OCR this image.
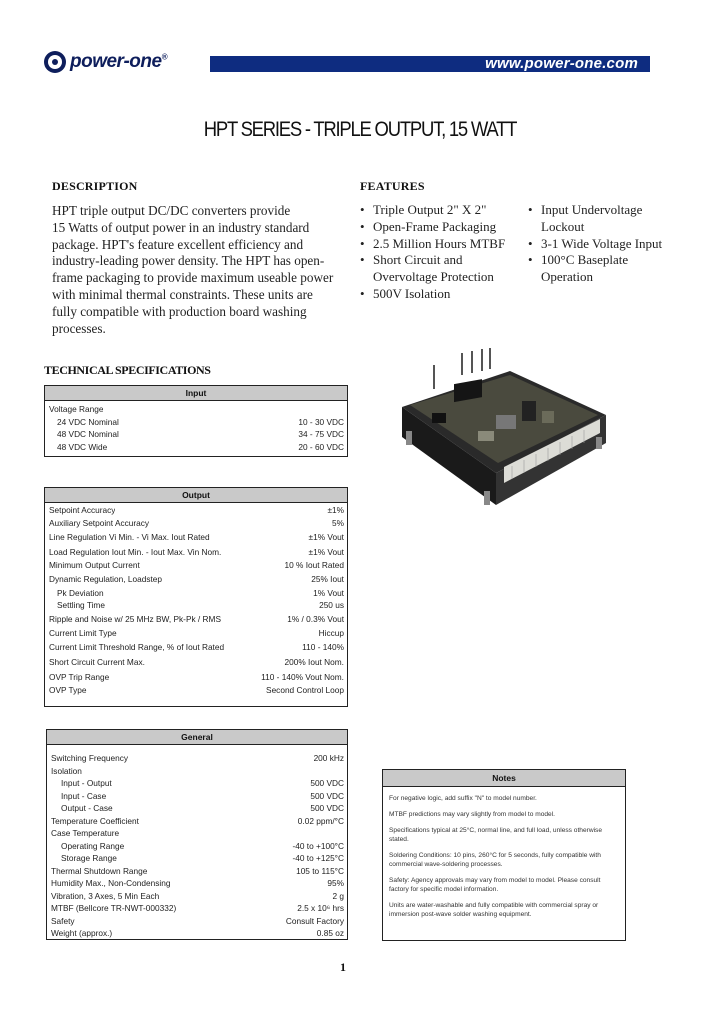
power-one®	www.power-one.com
HPT SERIES - TRIPLE OUTPUT, 15 WATT
DESCRIPTION
HPT triple output DC/DC converters provide
15 Watts of output power in an industry standard
package. HPT's feature excellent efficiency and
industry-leading power density. The HPT has open-
frame packaging to provide maximum useable power
with minimal thermal constraints. These units are
fully compatible with production board washing
processes.
FEATURES
• Triple Output 2" X 2"
• Open-Frame Packaging
• 2.5 Million Hours MTBF
• Short Circuit and Overvoltage Protection
• 500V Isolation
• Input Undervoltage Lockout
• 3-1 Wide Voltage Input
• 100°C Baseplate Operation
TECHNICAL SPECIFICATIONS
Input
Voltage Range
24 VDC Nominal	10 - 30 VDC
48 VDC Nominal	34 - 75 VDC
48 VDC Wide	20 - 60 VDC
Output
Setpoint Accuracy	±1%
Auxiliary Setpoint Accuracy	5%
Line Regulation Vi Min. - Vi Max. Iout Rated	±1% Vout
Load Regulation Iout Min. - Iout Max. Vin Nom.	±1% Vout
Minimum Output Current	10 % Iout Rated
Dynamic Regulation, Loadstep	25% Iout
Pk Deviation	1% Vout
Settling Time	250 us
Ripple and Noise w/ 25 MHz BW, Pk-Pk / RMS	1% / 0.3% Vout
Current Limit Type	Hiccup
Current Limit Threshold Range, % of Iout Rated	110 - 140%
Short Circuit Current Max.	200% Iout Nom.
OVP Trip Range	110 - 140% Vout Nom.
OVP Type	Second Control Loop
General
Switching Frequency	200 kHz
Isolation
Input - Output	500 VDC
Input - Case	500 VDC
Output - Case	500 VDC
Temperature Coefficient	0.02 ppm/°C
Case Temperature
Operating Range	-40 to +100°C
Storage Range	-40 to +125°C
Thermal Shutdown Range	105 to 115°C
Humidity Max., Non-Condensing	95%
Vibration, 3 Axes, 5 Min Each	2 g
MTBF (Bellcore TR-NWT-000332)	2.5 x 10⁶ hrs
Safety	Consult Factory
Weight (approx.)	0.85 oz
Notes
For negative logic, add suffix "N" to model number.
MTBF predictions may vary slightly from model to model.
Specifications typical at 25°C, normal line, and full load, unless otherwise stated.
Soldering Conditions: 10 pins, 260°C for 5 seconds, fully compatible with commercial wave-soldering processes.
Safety: Agency approvals may vary from model to model. Please consult factory for specific model information.
Units are water-washable and fully compatible with commercial spray or immersion post-wave solder washing equipment.
1
